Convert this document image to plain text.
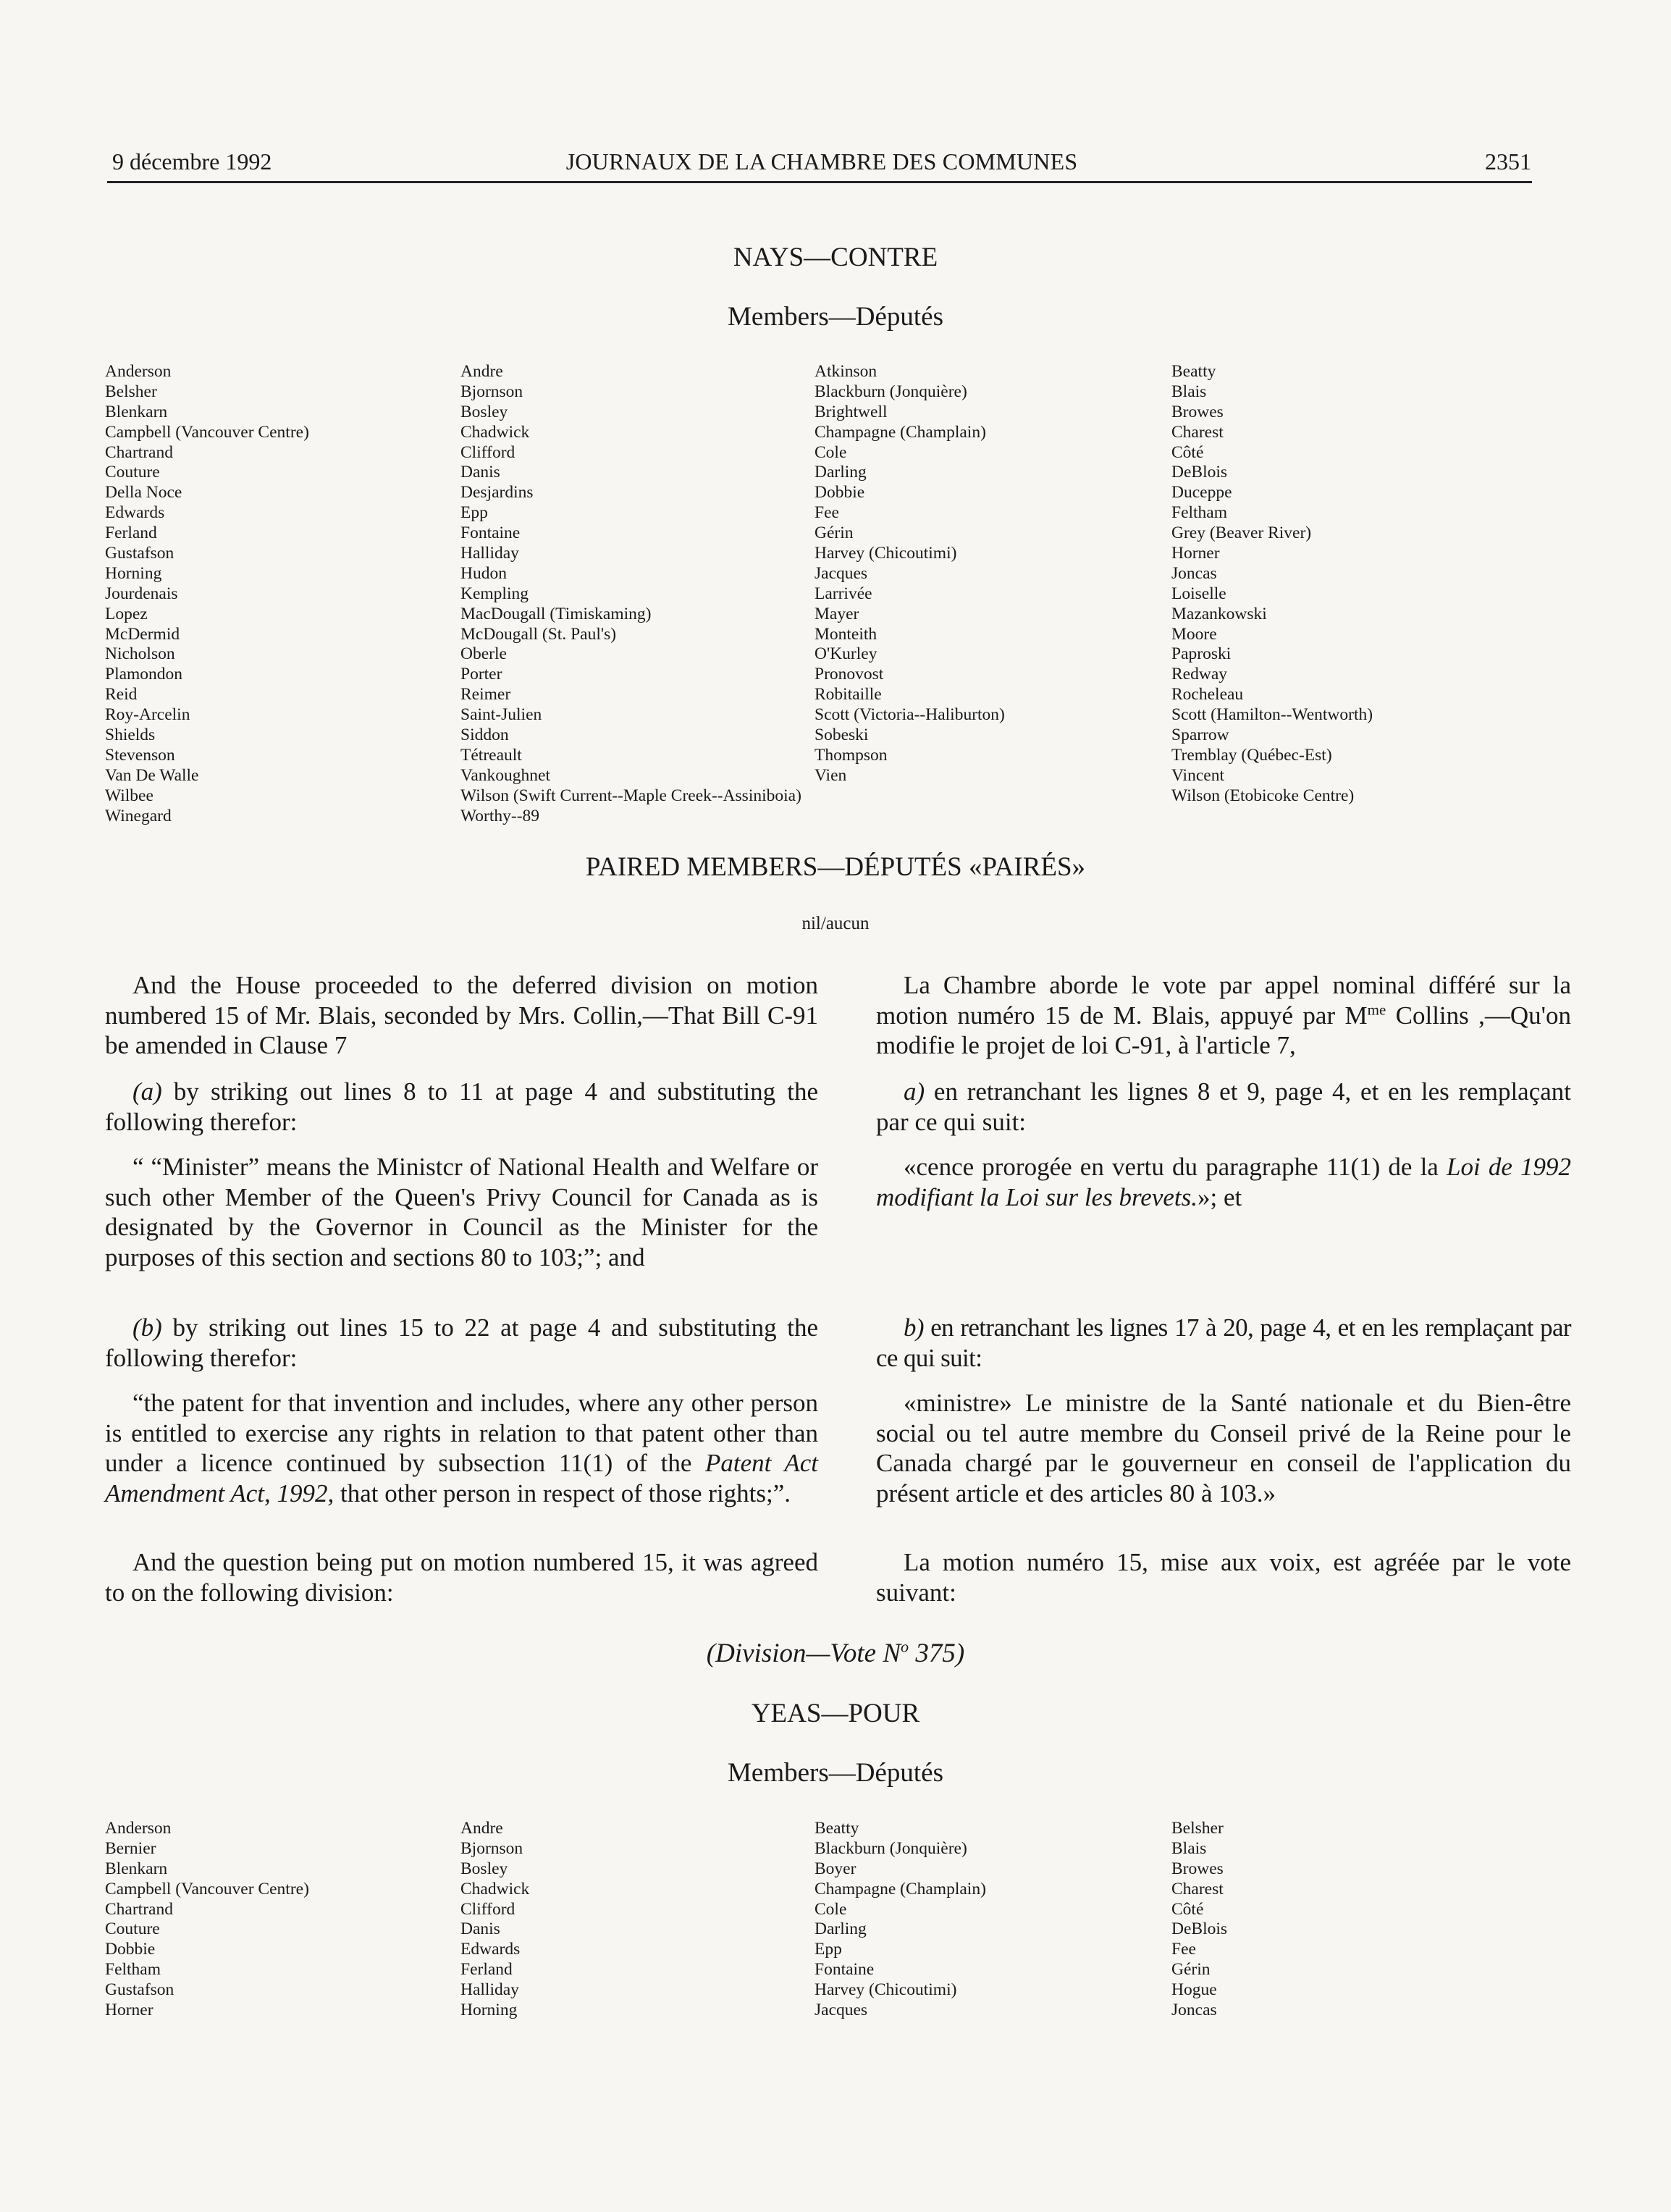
9 décembre 1992	JOURNAUX DE LA CHAMBRE DES COMMUNES	2351
NAYS—CONTRE
Members—Députés
Anderson
Belsher
Blenkarn
Campbell (Vancouver Centre)
Chartrand
Couture
Della Noce
Edwards
Ferland
Gustafson
Horning
Jourdenais
Lopez
McDermid
Nicholson
Plamondon
Reid
Roy-Arcelin
Shields
Stevenson
Van De Walle
Wilbee
Winegard
Andre
Bjornson
Bosley
Chadwick
Clifford
Danis
Desjardins
Epp
Fontaine
Halliday
Hudon
Kempling
MacDougall (Timiskaming)
McDougall (St. Paul's)
Oberle
Porter
Reimer
Saint-Julien
Siddon
Tétreault
Vankoughnet
Wilson (Swift Current--Maple Creek--Assiniboia)
Worthy--89
Atkinson
Blackburn (Jonquière)
Brightwell
Champagne (Champlain)
Cole
Darling
Dobbie
Fee
Gérin
Harvey (Chicoutimi)
Jacques
Larrivée
Mayer
Monteith
O'Kurley
Pronovost
Robitaille
Scott (Victoria--Haliburton)
Sobeski
Thompson
Vien
Beatty
Blais
Browes
Charest
Côté
DeBlois
Duceppe
Feltham
Grey (Beaver River)
Horner
Joncas
Loiselle
Mazankowski
Moore
Paproski
Redway
Rocheleau
Scott (Hamilton--Wentworth)
Sparrow
Tremblay (Québec-Est)
Vincent
Wilson (Etobicoke Centre)
PAIRED MEMBERS—DÉPUTÉS «PAIRÉS»
nil/aucun
And the House proceeded to the deferred division on motion numbered 15 of Mr. Blais, seconded by Mrs. Collin,—That Bill C-91 be amended in Clause 7
(a) by striking out lines 8 to 11 at page 4 and substituting the following therefor:
“ “Minister” means the Ministcr of National Health and Welfare or such other Member of the Queen's Privy Council for Canada as is designated by the Governor in Council as the Minister for the purposes of this section and sections 80 to 103;”; and
(b) by striking out lines 15 to 22 at page 4 and substituting the following therefor:
“the patent for that invention and includes, where any other person is entitled to exercise any rights in relation to that patent other than under a licence continued by subsection 11(1) of the Patent Act Amendment Act, 1992, that other person in respect of those rights;”.
And the question being put on motion numbered 15, it was agreed to on the following division:
La Chambre aborde le vote par appel nominal différé sur la motion numéro 15 de M. Blais, appuyé par $M^{me}$ Collins ,—Qu'on modifie le projet de loi C-91, à l'article 7,
a) en retranchant les lignes 8 et 9, page 4, et en les remplaçant par ce qui suit:
«cence prorogée en vertu du paragraphe 11(1) de la Loi de 1992 modifiant la Loi sur les brevets.»; et
b) en retranchant les lignes 17 à 20, page 4, et en les remplaçant par ce qui suit:
«ministre» Le ministre de la Santé nationale et du Bien-être social ou tel autre membre du Conseil privé de la Reine pour le Canada chargé par le gouverneur en conseil de l'application du présent article et des articles 80 à 103.»
La motion numéro 15, mise aux voix, est agréée par le vote suivant:
(Division—Vote $N^o$ 375)
YEAS—POUR
Members—Députés
Anderson
Bernier
Blenkarn
Campbell (Vancouver Centre)
Chartrand
Couture
Dobbie
Feltham
Gustafson
Horner
Andre
Bjornson
Bosley
Chadwick
Clifford
Danis
Edwards
Ferland
Halliday
Horning
Beatty
Blackburn (Jonquière)
Boyer
Champagne (Champlain)
Cole
Darling
Epp
Fontaine
Harvey (Chicoutimi)
Jacques
Belsher
Blais
Browes
Charest
Côté
DeBlois
Fee
Gérin
Hogue
Joncas
